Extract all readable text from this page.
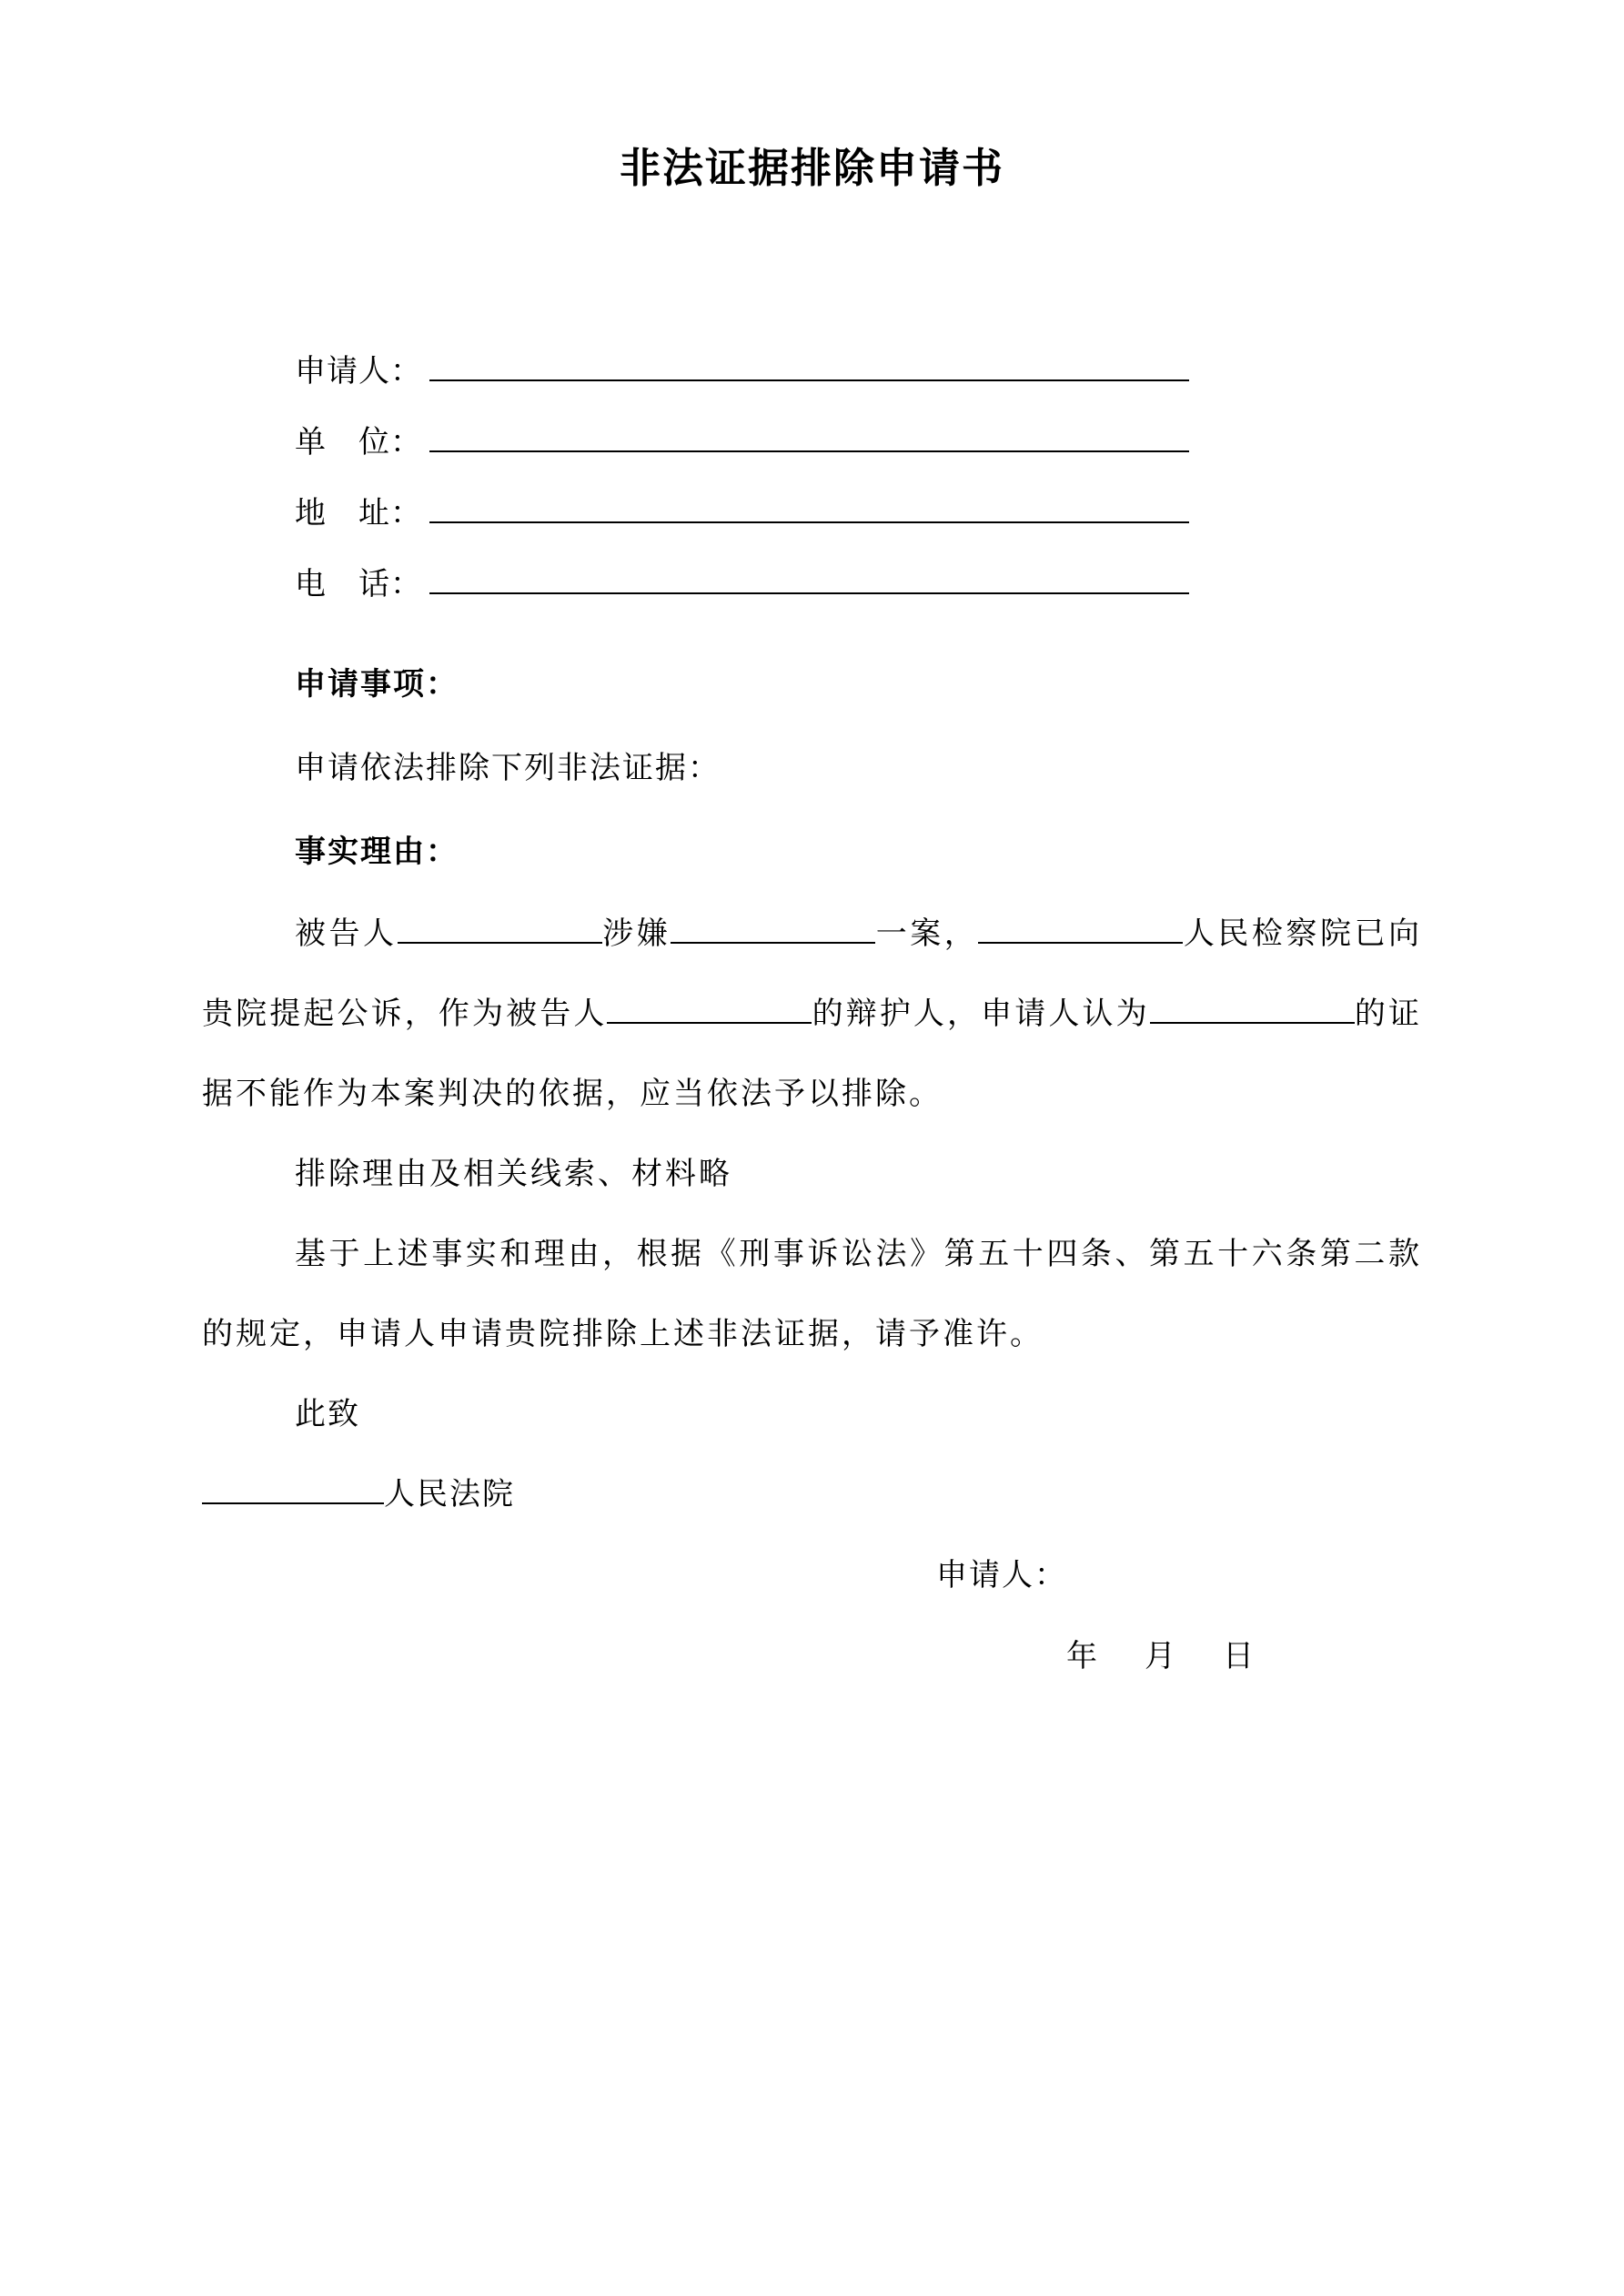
非法证据排除申请书
申请人：
单　位：
地　址：
电　话：
申请事项：
申请依法排除下列非法证据：
事实理由：

被告人	涉嫌	一案，	人民检察院已向贵院提起公诉，作为被告人	的辩护人，申请人认为	的证据不能作为本案判决的依据，应当依法予以排除。

排除理由及相关线索、材料略

基于上述事实和理由，根据《刑事诉讼法》第五十四条、第五十六条第二款的规定，申请人申请贵院排除上述非法证据，请予准许。

此致

人民法院

申请人：
年 月 日
